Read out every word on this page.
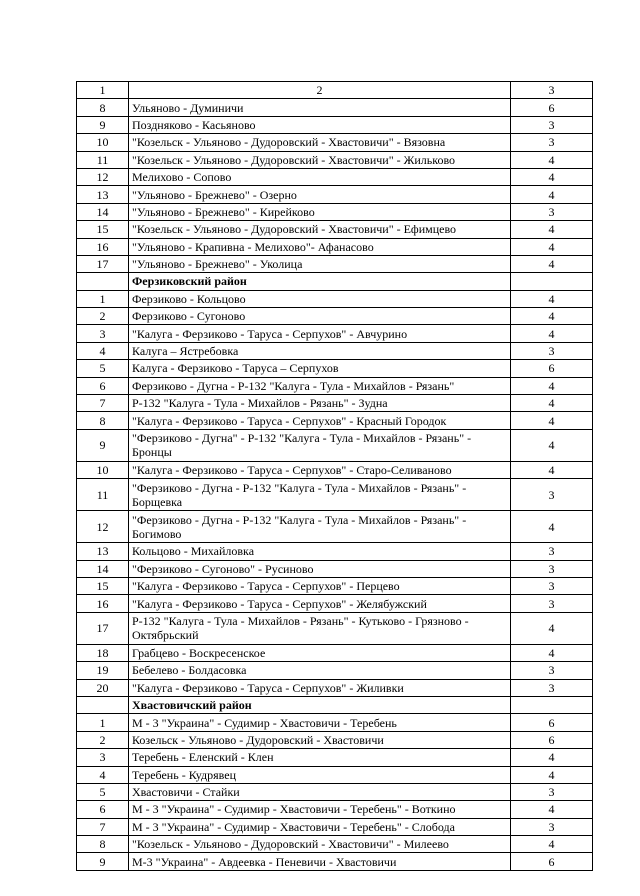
1	2	3
8	Ульяново - Думиничи	6
9	Поздняково - Касьяново	3
10	"Козельск - Ульяново - Дудоровский - Хвастовичи" - Вязовна	3
11	"Козельск - Ульяново - Дудоровский - Хвастовичи" - Жильково	4
12	Мелихово - Сопово	4
13	"Ульяново - Брежнево" - Озерно	4
14	"Ульяново - Брежнево" - Кирейково	3
15	"Козельск - Ульяново - Дудоровский - Хвастовичи" - Ефимцево	4
16	"Ульяново - Крапивна - Мелихово"- Афанасово	4
17	"Ульяново - Брежнево" - Уколица	4
	Ферзиковский район	
1	Ферзиково - Кольцово	4
2	Ферзиково - Сугоново	4
3	"Калуга - Ферзиково - Таруса - Серпухов" - Авчурино	4
4	Калуга – Ястребовка	3
5	Калуга - Ферзиково - Таруса – Серпухов	6
6	Ферзиково - Дугна - Р-132 "Калуга - Тула - Михайлов - Рязань"	4
7	Р-132 "Калуга - Тула - Михайлов - Рязань" - Зудна	4
8	"Калуга - Ферзиково - Таруса - Серпухов" - Красный Городок	4
9	"Ферзиково - Дугна" - Р-132 "Калуга - Тула - Михайлов - Рязань" - Бронцы	4
10	"Калуга - Ферзиково - Таруса - Серпухов" - Старо-Селиваново	4
11	"Ферзиково - Дугна - Р-132 "Калуга - Тула - Михайлов - Рязань" - Борщевка	3
12	"Ферзиково - Дугна - Р-132 "Калуга - Тула - Михайлов - Рязань" - Богимово	4
13	Кольцово - Михайловка	3
14	"Ферзиково - Сугоново" - Русиново	3
15	"Калуга - Ферзиково - Таруса - Серпухов" - Перцево	3
16	"Калуга - Ферзиково - Таруса - Серпухов" - Желябужский	3
17	Р-132 "Калуга - Тула - Михайлов - Рязань" - Кутьково - Грязново - Октябрьский	4
18	Грабцево - Воскресенское	4
19	Бебелево - Болдасовка	3
20	"Калуга - Ферзиково - Таруса - Серпухов" - Жиливки	3
	Хвастовичский район	
1	М - 3 "Украина" - Судимир - Хвастовичи - Теребень	6
2	Козельск - Ульяново - Дудоровский - Хвастовичи	6
3	Теребень - Еленский - Клен	4
4	Теребень - Кудрявец	4
5	Хвастовичи - Стайки	3
6	М - 3 "Украина" - Судимир - Хвастовичи - Теребень" - Воткино	4
7	М - 3 "Украина" - Судимир - Хвастовичи - Теребень" - Слобода	3
8	"Козельск - Ульяново - Дудоровский - Хвастовичи" - Милеево	4
9	М-3 "Украина" - Авдеевка - Пеневичи - Хвастовичи	6
